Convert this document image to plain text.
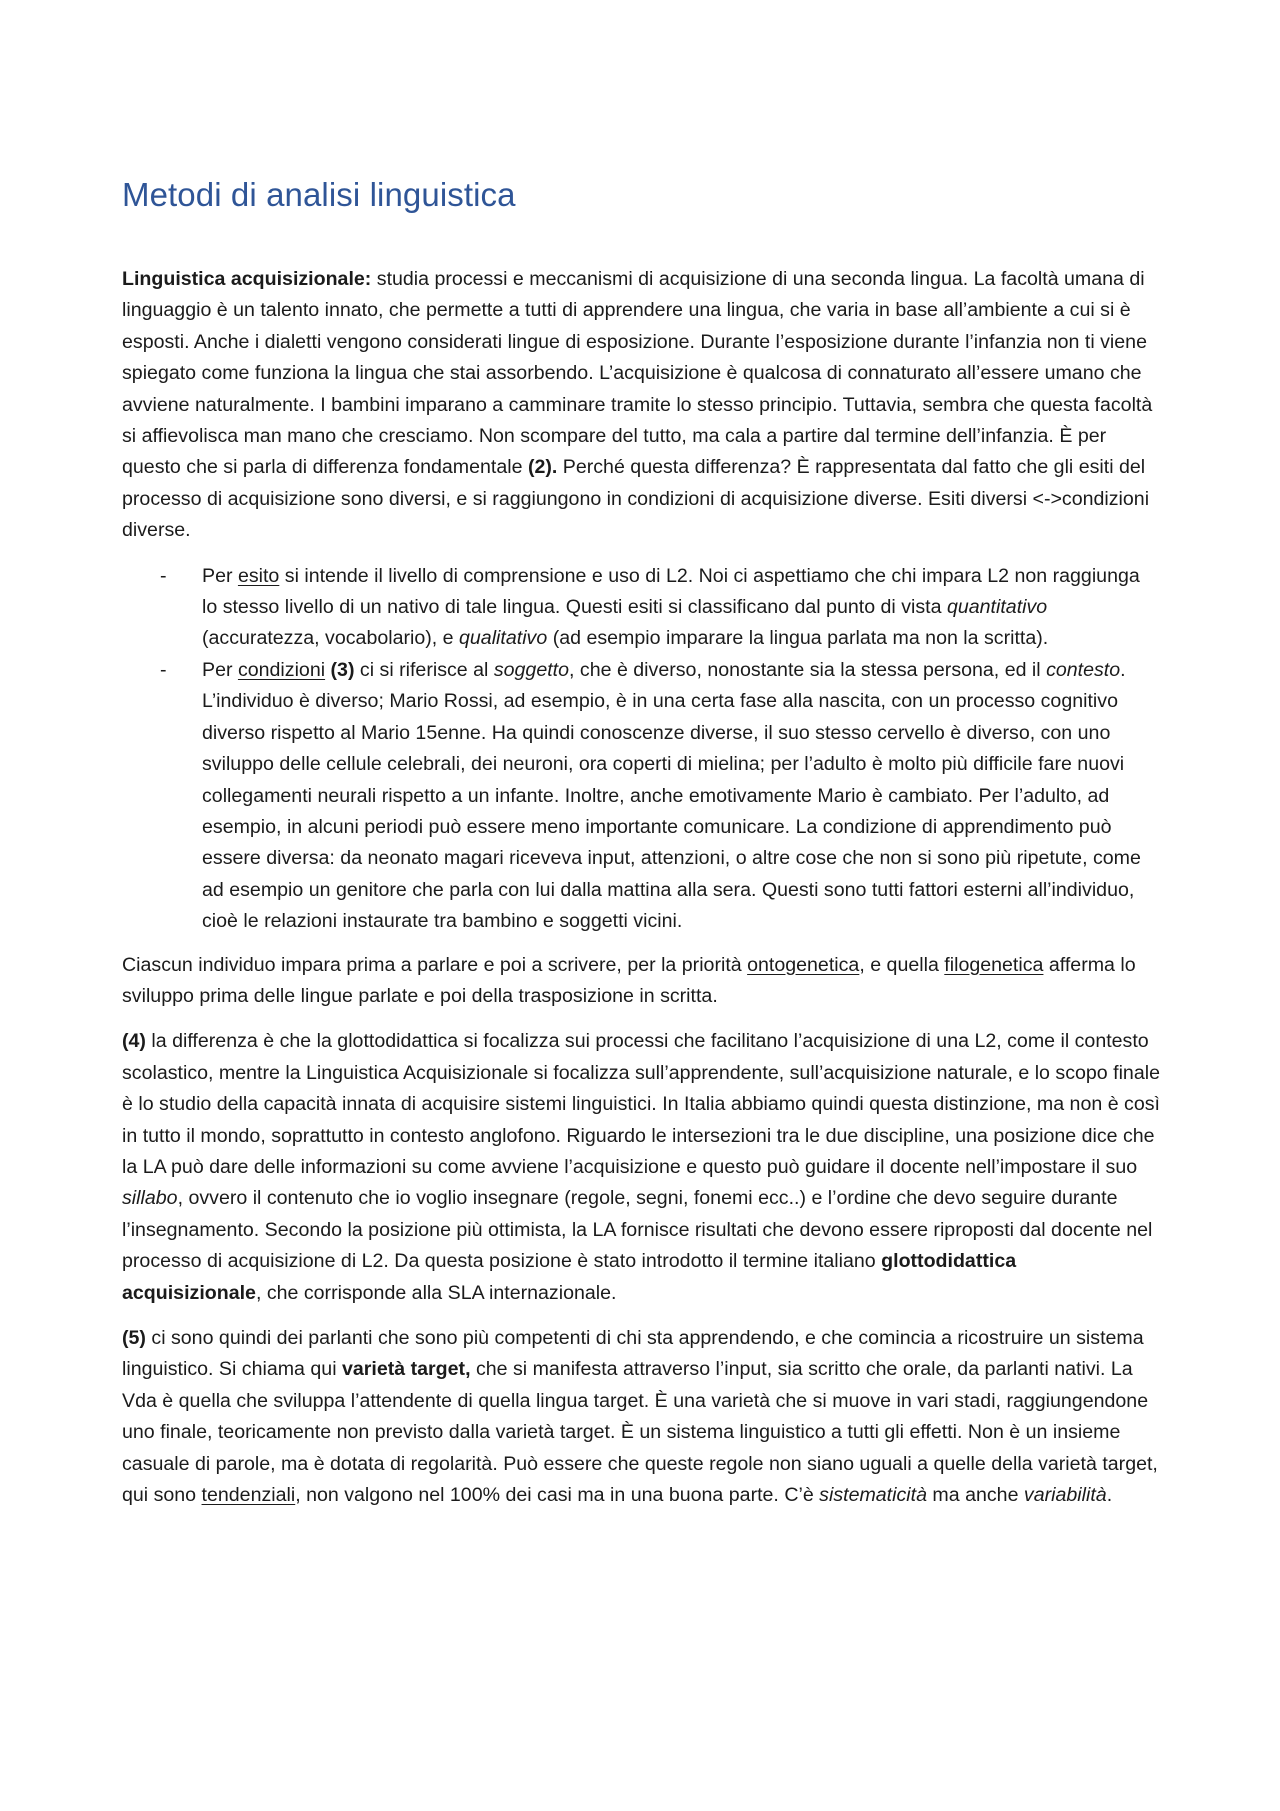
Metodi di analisi linguistica

Linguistica acquisizionale: studia processi e meccanismi di acquisizione di una seconda lingua. La facoltà umana di linguaggio è un talento innato, che permette a tutti di apprendere una lingua, che varia in base all’ambiente a cui si è esposti. Anche i dialetti vengono considerati lingue di esposizione. Durante l’esposizione durante l’infanzia non ti viene spiegato come funziona la lingua che stai assorbendo. L’acquisizione è qualcosa di connaturato all’essere umano che avviene naturalmente. I bambini imparano a camminare tramite lo stesso principio. Tuttavia, sembra che questa facoltà si affievolisca man mano che cresciamo. Non scompare del tutto, ma cala a partire dal termine dell’infanzia. È per questo che si parla di differenza fondamentale (2). Perché questa differenza? È rappresentata dal fatto che gli esiti del processo di acquisizione sono diversi, e si raggiungono in condizioni di acquisizione diverse. Esiti diversi <->condizioni diverse.

- Per esito si intende il livello di comprensione e uso di L2. Noi ci aspettiamo che chi impara L2 non raggiunga lo stesso livello di un nativo di tale lingua. Questi esiti si classificano dal punto di vista quantitativo (accuratezza, vocabolario), e qualitativo (ad esempio imparare la lingua parlata ma non la scritta).
- Per condizioni (3) ci si riferisce al soggetto, che è diverso, nonostante sia la stessa persona, ed il contesto. L’individuo è diverso; Mario Rossi, ad esempio, è in una certa fase alla nascita, con un processo cognitivo diverso rispetto al Mario 15enne. Ha quindi conoscenze diverse, il suo stesso cervello è diverso, con uno sviluppo delle cellule celebrali, dei neuroni, ora coperti di mielina; per l’adulto è molto più difficile fare nuovi collegamenti neurali rispetto a un infante. Inoltre, anche emotivamente Mario è cambiato. Per l’adulto, ad esempio, in alcuni periodi può essere meno importante comunicare. La condizione di apprendimento può essere diversa: da neonato magari riceveva input, attenzioni, o altre cose che non si sono più ripetute, come ad esempio un genitore che parla con lui dalla mattina alla sera. Questi sono tutti fattori esterni all’individuo, cioè le relazioni instaurate tra bambino e soggetti vicini.

Ciascun individuo impara prima a parlare e poi a scrivere, per la priorità ontogenetica, e quella filogenetica afferma lo sviluppo prima delle lingue parlate e poi della trasposizione in scritta.

(4) la differenza è che la glottodidattica si focalizza sui processi che facilitano l’acquisizione di una L2, come il contesto scolastico, mentre la Linguistica Acquisizionale si focalizza sull’apprendente, sull’acquisizione naturale, e lo scopo finale è lo studio della capacità innata di acquisire sistemi linguistici. In Italia abbiamo quindi questa distinzione, ma non è così in tutto il mondo, soprattutto in contesto anglofono. Riguardo le intersezioni tra le due discipline, una posizione dice che la LA può dare delle informazioni su come avviene l’acquisizione e questo può guidare il docente nell’impostare il suo sillabo, ovvero il contenuto che io voglio insegnare (regole, segni, fonemi ecc..) e l’ordine che devo seguire durante l’insegnamento. Secondo la posizione più ottimista, la LA fornisce risultati che devono essere riproposti dal docente nel processo di acquisizione di L2. Da questa posizione è stato introdotto il termine italiano glottodidattica acquisizionale, che corrisponde alla SLA internazionale.

(5) ci sono quindi dei parlanti che sono più competenti di chi sta apprendendo, e che comincia a ricostruire un sistema linguistico. Si chiama qui varietà target, che si manifesta attraverso l’input, sia scritto che orale, da parlanti nativi. La Vda è quella che sviluppa l’attendente di quella lingua target. È una varietà che si muove in vari stadi, raggiungendone uno finale, teoricamente non previsto dalla varietà target. È un sistema linguistico a tutti gli effetti. Non è un insieme casuale di parole, ma è dotata di regolarità. Può essere che queste regole non siano uguali a quelle della varietà target, qui sono tendenziali, non valgono nel 100% dei casi ma in una buona parte. C’è sistematicità ma anche variabilità.
